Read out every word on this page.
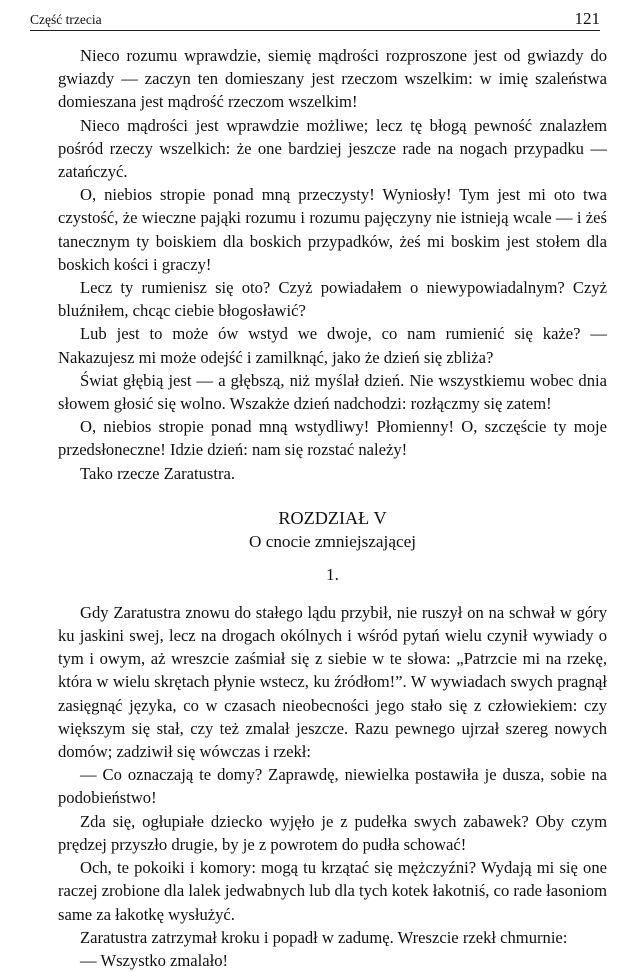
Część trzecia	121

Nieco rozumu wprawdzie, siemię mądrości rozproszone jest od gwiazdy do gwiazdy — zaczyn ten domieszany jest rzeczom wszelkim: w imię szaleństwa domieszana jest mądrość rzeczom wszelkim!

Nieco mądrości jest wprawdzie możliwe; lecz tę błogą pewność znalazłem pośród rzeczy wszelkich: że one bardziej jeszcze rade na nogach przypadku — zatańczyć.

O, niebios stropie ponad mną przeczysty! Wyniosły! Tym jest mi oto twa czystość, że wieczne pająki rozumu i rozumu pajęczyny nie istnieją wcale — i żeś tanecznym ty boiskiem dla boskich przypadków, żeś mi boskim jest stołem dla boskich kości i graczy!

Lecz ty rumienisz się oto? Czyż powiadałem o niewypowiadalnym? Czyż bluźniłem, chcąc ciebie błogosławić?

Lub jest to może ów wstyd we dwoje, co nam rumienić się każe? — Nakazujesz mi może odejść i zamilknąć, jako że dzień się zbliża?

Świat głębią jest — a głębszą, niż myślał dzień. Nie wszystkiemu wobec dnia słowem głosić się wolno. Wszakże dzień nadchodzi: rozłączmy się zatem!

O, niebios stropie ponad mną wstydliwy! Płomienny! O, szczęście ty moje przedsłoneczne! Idzie dzień: nam się rozstać należy!

Tako rzecze Zaratustra.

ROZDZIAŁ V
O cnocie zmniejszającej
1.

Gdy Zaratustra znowu do stałego lądu przybił, nie ruszył on na schwał w góry ku jaskini swej, lecz na drogach okólnych i wśród pytań wielu czynił wywiady o tym i owym, aż wreszcie zaśmiał się z siebie w te słowa: „Patrzcie mi na rzekę, która w wielu skrętach płynie wstecz, ku źródłom!”. W wywiadach swych pragnął zasięgnąć języka, co w czasach nieobecności jego stało się z człowiekiem: czy większym się stał, czy też zmalał jeszcze. Razu pewnego ujrzał szereg nowych domów; zadziwił się wówczas i rzekł:

— Co oznaczają te domy? Zaprawdę, niewielka postawiła je dusza, sobie na podobieństwo!

Zda się, ogłupiałe dziecko wyjęło je z pudełka swych zabawek? Oby czym prędzej przyszło drugie, by je z powrotem do pudła schować!

Och, te pokoiki i komory: mogą tu krzątać się mężczyźni? Wydają mi się one raczej zrobione dla lalek jedwabnych lub dla tych kotek łakotniś, co rade łasoniom same za łakotkę wysłużyć.

Zaratustra zatrzymał kroku i popadł w zadumę. Wreszcie rzekł chmurnie:

— Wszystko zmalało!
